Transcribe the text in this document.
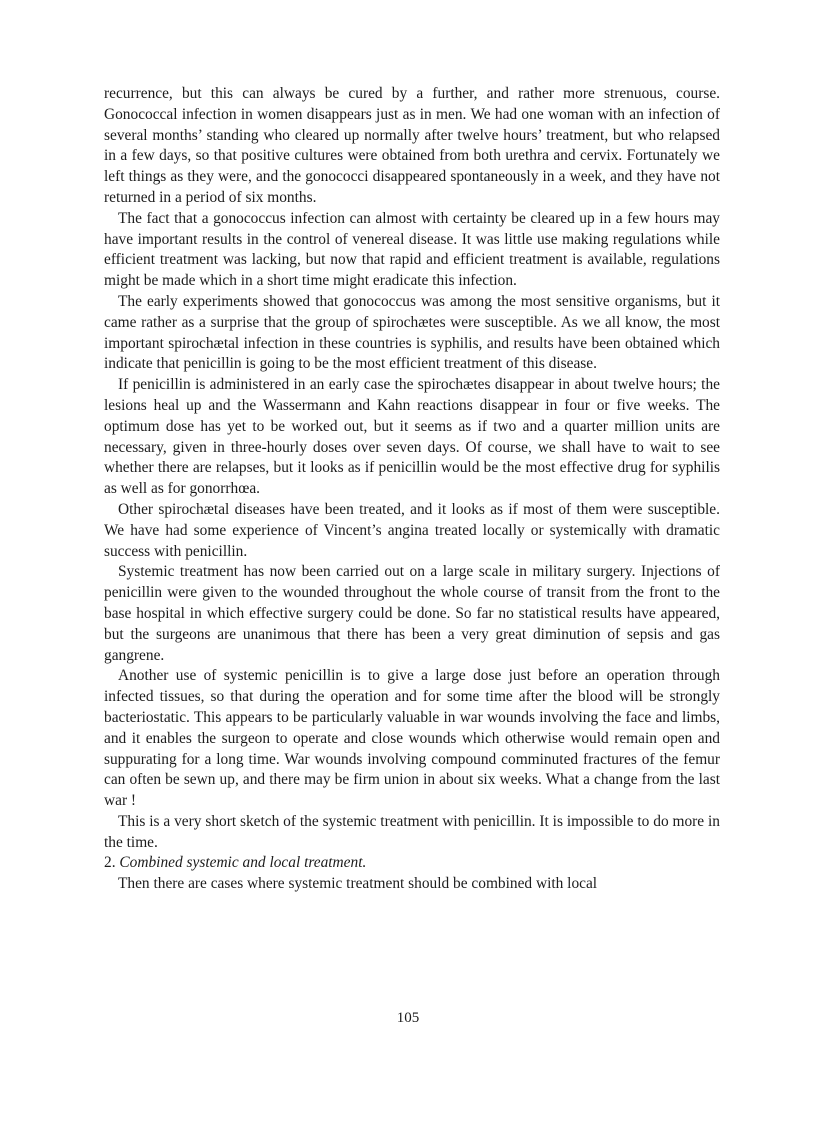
recurrence, but this can always be cured by a further, and rather more strenuous, course. Gonococcal infection in women disappears just as in men. We had one woman with an infection of several months’ standing who cleared up normally after twelve hours’ treatment, but who relapsed in a few days, so that positive cultures were obtained from both urethra and cervix. Fortunately we left things as they were, and the gonococci disappeared spontaneously in a week, and they have not returned in a period of six months.

The fact that a gonococcus infection can almost with certainty be cleared up in a few hours may have important results in the control of venereal disease. It was little use making regulations while efficient treatment was lacking, but now that rapid and efficient treatment is available, regulations might be made which in a short time might eradicate this infection.

The early experiments showed that gonococcus was among the most sensitive organisms, but it came rather as a surprise that the group of spirochætes were susceptible. As we all know, the most important spirochætal infection in these countries is syphilis, and results have been obtained which indicate that penicillin is going to be the most efficient treatment of this disease.

If penicillin is administered in an early case the spirochætes disappear in about twelve hours; the lesions heal up and the Wassermann and Kahn reactions disappear in four or five weeks. The optimum dose has yet to be worked out, but it seems as if two and a quarter million units are necessary, given in three-hourly doses over seven days. Of course, we shall have to wait to see whether there are relapses, but it looks as if penicillin would be the most effective drug for syphilis as well as for gonorrhœa.

Other spirochætal diseases have been treated, and it looks as if most of them were susceptible. We have had some experience of Vincent’s angina treated locally or systemically with dramatic success with penicillin.

Systemic treatment has now been carried out on a large scale in military surgery. Injections of penicillin were given to the wounded throughout the whole course of transit from the front to the base hospital in which effective surgery could be done. So far no statistical results have appeared, but the surgeons are unanimous that there has been a very great diminution of sepsis and gas gangrene.

Another use of systemic penicillin is to give a large dose just before an operation through infected tissues, so that during the operation and for some time after the blood will be strongly bacteriostatic. This appears to be particularly valuable in war wounds involving the face and limbs, and it enables the surgeon to operate and close wounds which otherwise would remain open and suppurating for a long time. War wounds involving compound comminuted fractures of the femur can often be sewn up, and there may be firm union in about six weeks. What a change from the last war !

This is a very short sketch of the systemic treatment with penicillin. It is impossible to do more in the time.

2. Combined systemic and local treatment.

Then there are cases where systemic treatment should be combined with local

105
